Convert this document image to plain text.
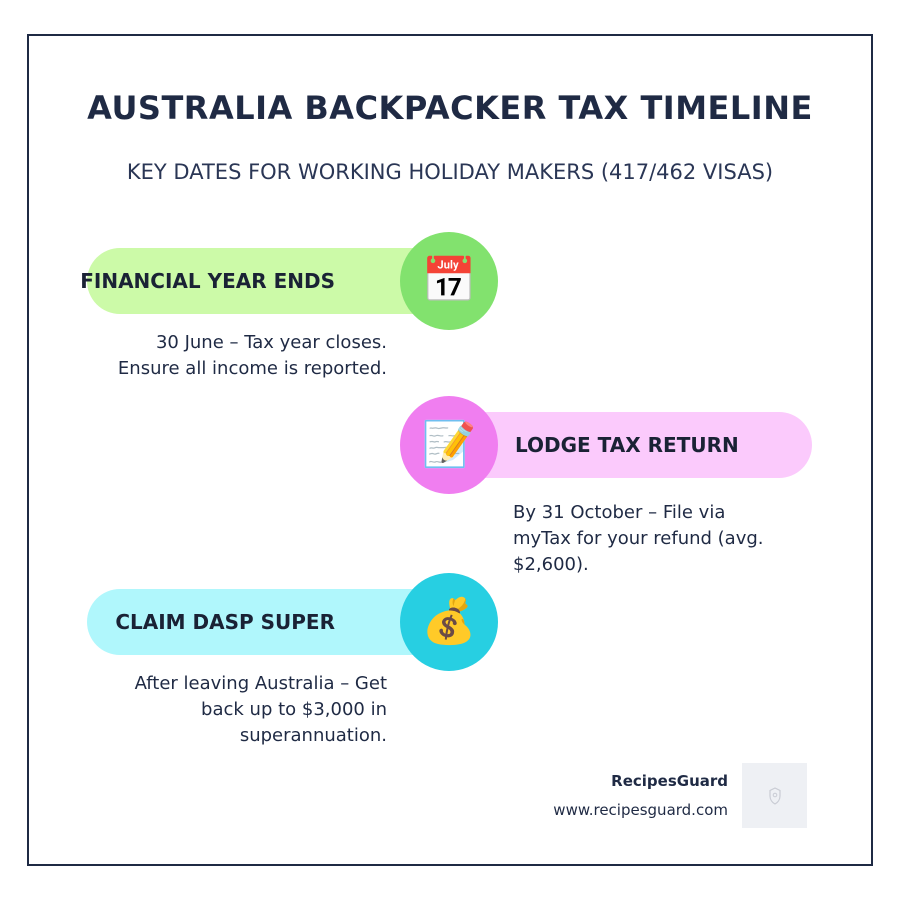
AUSTRALIA BACKPACKER TAX TIMELINE

KEY DATES FOR WORKING HOLIDAY MAKERS (417/462 VISAS)

FINANCIAL YEAR ENDS 📅

30 June – Tax year closes.
Ensure all income is reported.

LODGE TAX RETURN
📝

By 31 October – File via
myTax for your refund (avg.
$2,600).

CLAIM DASP SUPER 💰

After leaving Australia – Get
back up to $3,000 in
superannuation.

RecipesGuard
www.recipesguard.com
